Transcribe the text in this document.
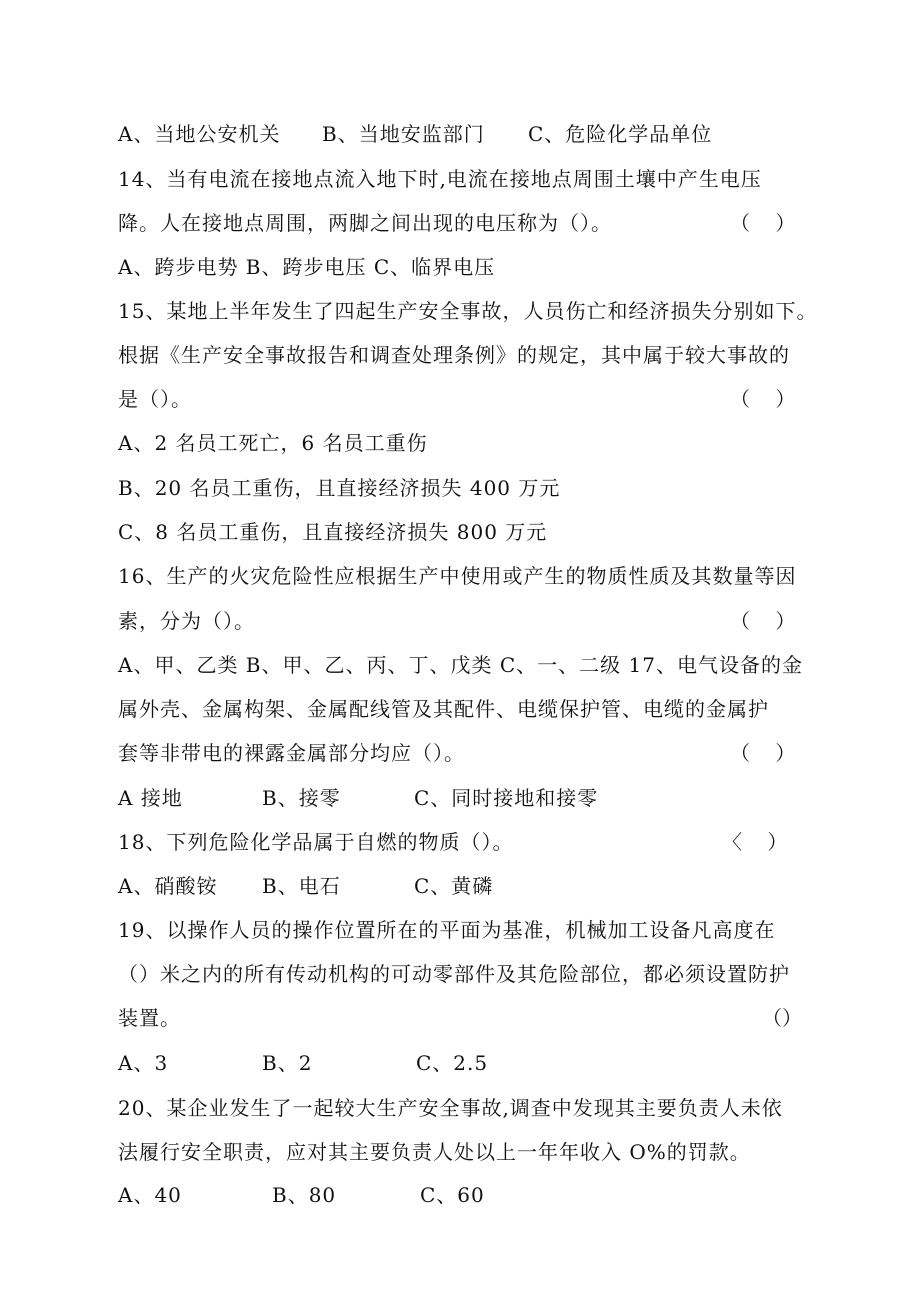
A、当地公安机关 B、当地安监部门 C、危险化学品单位
14、当有电流在接地点流入地下时,电流在接地点周围土壤中产生电压
降。人在接地点周围，两脚之间出现的电压称为（）。	（    ）
A、跨步电势 B、跨步电压 C、临界电压
15、某地上半年发生了四起生产安全事故，人员伤亡和经济损失分别如下。
根据《生产安全事故报告和调查处理条例》的规定，其中属于较大事故的
是（）。	（    ）
A、2 名员工死亡，6 名员工重伤
B、20 名员工重伤，且直接经济损失 400 万元
C、8 名员工重伤，且直接经济损失 800 万元
16、生产的火灾危险性应根据生产中使用或产生的物质性质及其数量等因
素，分为（）。	（    ）
A、甲、乙类 B、甲、乙、丙、丁、戊类 C、一、二级 17、电气设备的金
属外壳、金属构架、金属配线管及其配件、电缆保护管、电缆的金属护
套等非带电的裸露金属部分均应（）。	（    ）
A 接地	B、接零	C、同时接地和接零
18、下列危险化学品属于自燃的物质（）。	〈    ）
A、硝酸铵 B、电石	C、黄磷
19、以操作人员的操作位置所在的平面为基准，机械加工设备凡高度在
（）米之内的所有传动机构的可动零部件及其危险部位，都必须设置防护
装置。	（）
A、3	B、2	C、2.5
20、某企业发生了一起较大生产安全事故,调查中发现其主要负责人未依
法履行安全职责，应对其主要负责人处以上一年年收入 O%的罚款。
A、40	B、80	C、60
